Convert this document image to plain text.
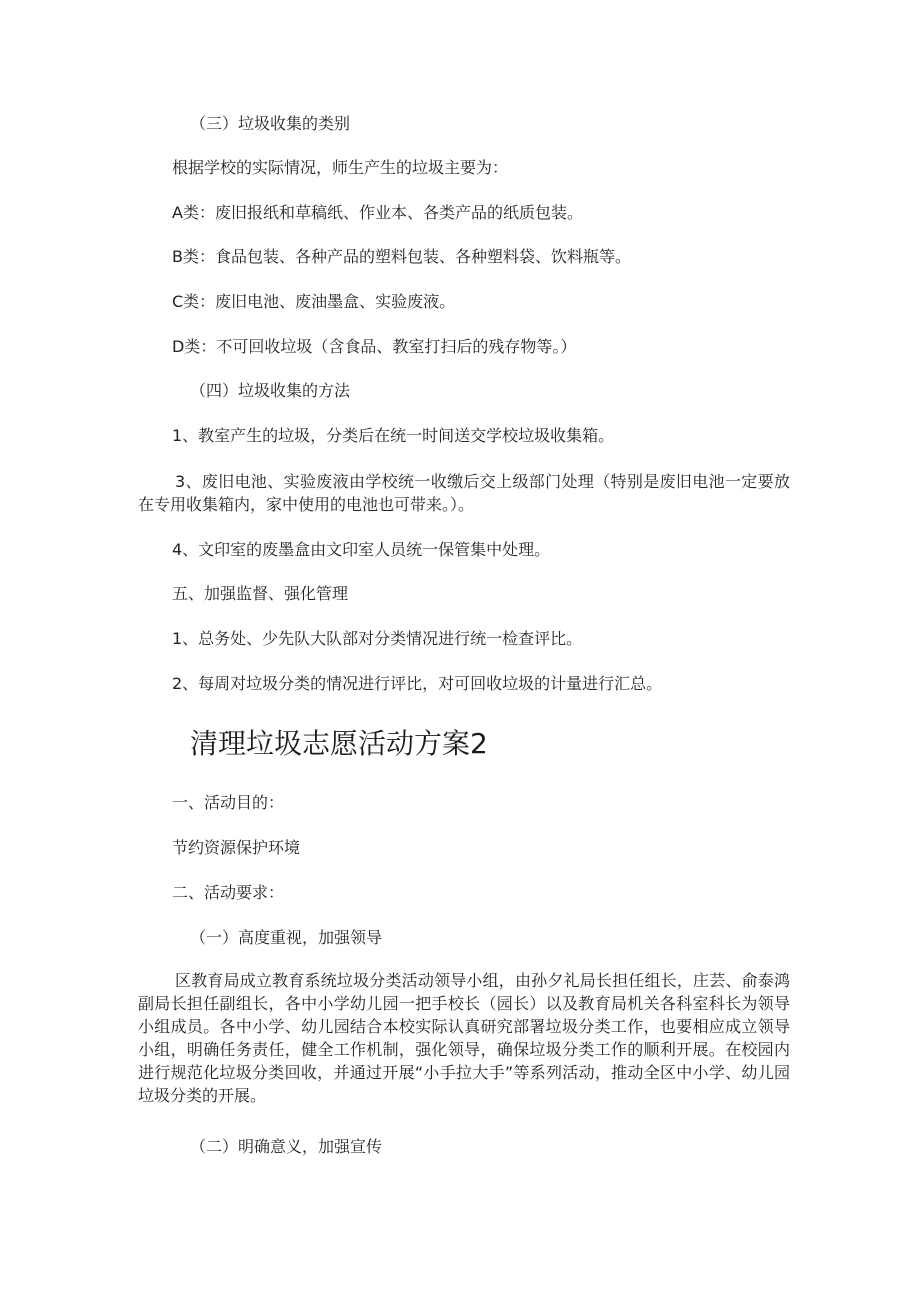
（三）垃圾收集的类别

根据学校的实际情况，师生产生的垃圾主要为：

A类：废旧报纸和草稿纸、作业本、各类产品的纸质包装。

B类：食品包装、各种产品的塑料包装、各种塑料袋、饮料瓶等。

C类：废旧电池、废油墨盒、实验废液。

D类：不可回收垃圾（含食品、教室打扫后的残存物等。）

（四）垃圾收集的方法

1、教室产生的垃圾，分类后在统一时间送交学校垃圾收集箱。

3、废旧电池、实验废液由学校统一收缴后交上级部门处理（特别是废旧电池一定要放在专用收集箱内，家中使用的电池也可带来。）。

4、文印室的废墨盒由文印室人员统一保管集中处理。

五、加强监督、强化管理

1、总务处、少先队大队部对分类情况进行统一检查评比。

2、每周对垃圾分类的情况进行评比，对可回收垃圾的计量进行汇总。

清理垃圾志愿活动方案2

一、活动目的：

节约资源保护环境

二、活动要求：

（一）高度重视，加强领导

区教育局成立教育系统垃圾分类活动领导小组，由孙夕礼局长担任组长，庄芸、俞泰鸿副局长担任副组长，各中小学幼儿园一把手校长（园长）以及教育局机关各科室科长为领导小组成员。各中小学、幼儿园结合本校实际认真研究部署垃圾分类工作，也要相应成立领导小组，明确任务责任，健全工作机制，强化领导，确保垃圾分类工作的顺利开展。在校园内进行规范化垃圾分类回收，并通过开展“小手拉大手”等系列活动，推动全区中小学、幼儿园垃圾分类的开展。

（二）明确意义，加强宣传
